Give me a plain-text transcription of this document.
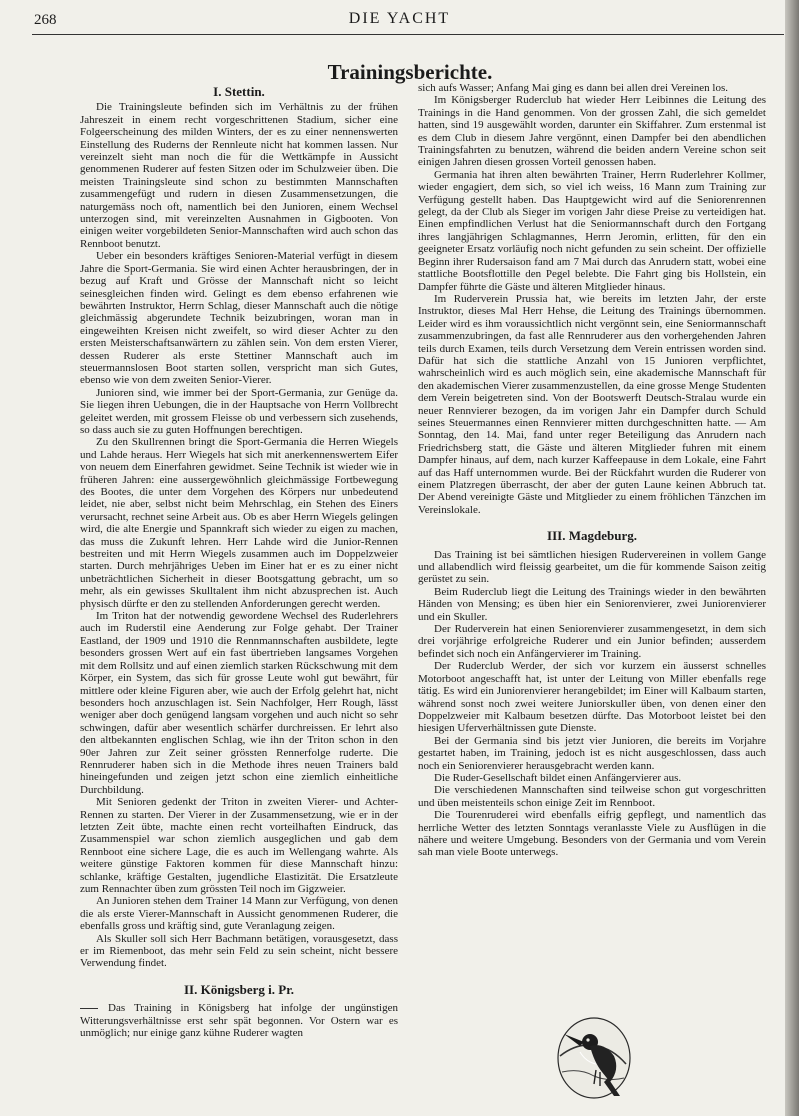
268	DIE YACHT
Trainingsberichte.
I. Stettin.

Die Trainingsleute befinden sich im Verhältnis zu der frühen Jahreszeit in einem recht vorgeschrittenen Stadium, sicher eine Folgeerscheinung des milden Winters, der es zu einer nennenswerten Einstellung des Ruderns der Rennleute nicht hat kommen lassen. Nur vereinzelt sieht man noch die für die Wettkämpfe in Aussicht genommenen Ruderer auf festen Sitzen oder im Schulzweier üben. Die meisten Trainingsleute sind schon zu bestimmten Mannschaften zusammengefügt und rudern in diesen Zusammensetzungen, die naturgemäss noch oft, namentlich bei den Junioren, einem Wechsel unterzogen sind, mit vereinzelten Ausnahmen in Gigbooten. Von einigen weiter vorgebildeten Senior-Mannschaften wird auch schon das Rennboot benutzt.

Ueber ein besonders kräftiges Senioren-Material verfügt in diesem Jahre die Sport-Germania. Sie wird einen Achter herausbringen, der in bezug auf Kraft und Grösse der Mannschaft nicht so leicht seinesgleichen finden wird. Gelingt es dem ebenso erfahrenen wie bewährten Instruktor, Herrn Schlag, dieser Mannschaft auch die nötige gleichmässig abgerundete Technik beizubringen, woran man in eingeweihten Kreisen nicht zweifelt, so wird dieser Achter zu den ersten Meisterschaftsanwärtern zu zählen sein. Von dem ersten Vierer, dessen Ruderer als erste Stettiner Mannschaft auch im steuermannslosen Boot starten sollen, verspricht man sich Gutes, ebenso wie von dem zweiten Senior-Vierer.

Junioren sind, wie immer bei der Sport-Germania, zur Genüge da. Sie liegen ihren Uebungen, die in der Hauptsache von Herrn Vollbrecht geleitet werden, mit grossem Fleisse ob und verbessern sich zusehends, so dass auch sie zu guten Hoffnungen berechtigen.

Zu den Skullrennen bringt die Sport-Germania die Herren Wiegels und Lahde heraus. Herr Wiegels hat sich mit anerkennenswertem Eifer von neuem dem Einerfahren gewidmet. Seine Technik ist wieder wie in früheren Jahren: eine aussergewöhnlich gleichmässige Fortbewegung des Bootes, die unter dem Vorgehen des Körpers nur unbedeutend leidet, nie aber, selbst nicht beim Mehrschlag, ein Stehen des Einers verursacht, rechnet seine Arbeit aus. Ob es aber Herrn Wiegels gelingen wird, die alte Energie und Spannkraft sich wieder zu eigen zu machen, das muss die Zukunft lehren. Herr Lahde wird die Junior-Rennen bestreiten und mit Herrn Wiegels zusammen auch im Doppelzweier starten. Durch mehrjähriges Ueben im Einer hat er es zu einer nicht unbeträchtlichen Sicherheit in dieser Bootsgattung gebracht, um so mehr, als ein gewisses Skulltalent ihm nicht abzusprechen ist. Auch physisch dürfte er den zu stellenden Anforderungen gerecht werden.

Im Triton hat der notwendig gewordene Wechsel des Ruderlehrers auch im Ruderstil eine Aenderung zur Folge gehabt. Der Trainer Eastland, der 1909 und 1910 die Rennmannschaften ausbildete, legte besonders grossen Wert auf ein fast übertrieben langsames Vorgehen mit dem Rollsitz und auf einen ziemlich starken Rückschwung mit dem Körper, ein System, das sich für grosse Leute wohl gut bewährt, für mittlere oder kleine Figuren aber, wie auch der Erfolg gelehrt hat, nicht besonders hoch anzuschlagen ist. Sein Nachfolger, Herr Rough, lässt weniger aber doch genügend langsam vorgehen und auch nicht so sehr schwingen, dafür aber wesentlich schärfer durchreissen. Er lehrt also den altbekannten englischen Schlag, wie ihn der Triton schon in den 90er Jahren zur Zeit seiner grössten Rennerfolge ruderte. Die Rennruderer haben sich in die Methode ihres neuen Trainers bald hineingefunden und zeigen jetzt schon eine ziemlich einheitliche Durchbildung.

Mit Senioren gedenkt der Triton in zweiten Vierer- und Achter-Rennen zu starten. Der Vierer in der Zusammensetzung, wie er in der letzten Zeit übte, machte einen recht vorteilhaften Eindruck, das Zusammenspiel war schon ziemlich ausgeglichen und gab dem Rennboot eine sichere Lage, die es auch im Wellengang wahrte. Als weitere günstige Faktoren kommen für diese Mannschaft hinzu: schlanke, kräftige Gestalten, jugendliche Elastizität. Die Ersatzleute zum Rennachter üben zum grössten Teil noch im Gigzweier.

An Junioren stehen dem Trainer 14 Mann zur Verfügung, von denen die als erste Vierer-Mannschaft in Aussicht genommenen Ruderer, die ebenfalls gross und kräftig sind, gute Veranlagung zeigen.

Als Skuller soll sich Herr Bachmann betätigen, vorausgesetzt, dass er im Riemenboot, das mehr sein Feld zu sein scheint, nicht bessere Verwendung findet.

II. Königsberg i. Pr.

Das Training in Königsberg hat infolge der ungünstigen Witterungsverhältnisse erst sehr spät begonnen. Vor Ostern war es unmöglich; nur einige ganz kühne Ruderer wagten

sich aufs Wasser; Anfang Mai ging es dann bei allen drei Vereinen los.

Im Königsberger Ruderclub hat wieder Herr Leibinnes die Leitung des Trainings in die Hand genommen. Von der grossen Zahl, die sich gemeldet hatten, sind 19 ausgewählt worden, darunter ein Skiffahrer. Zum erstenmal ist es dem Club in diesem Jahre vergönnt, einen Dampfer bei den abendlichen Trainingsfahrten zu benutzen, während die beiden andern Vereine schon seit einigen Jahren diesen grossen Vorteil genossen haben.

Germania hat ihren alten bewährten Trainer, Herrn Ruderlehrer Kollmer, wieder engagiert, dem sich, so viel ich weiss, 16 Mann zum Training zur Verfügung gestellt haben. Das Hauptgewicht wird auf die Seniorenrennen gelegt, da der Club als Sieger im vorigen Jahr diese Preise zu verteidigen hat. Einen empfindlichen Verlust hat die Seniormannschaft durch den Fortgang ihres langjährigen Schlagmannes, Herrn Jeromin, erlitten, für den ein geeigneter Ersatz vorläufig noch nicht gefunden zu sein scheint. Der offizielle Beginn ihrer Rudersaison fand am 7 Mai durch das Anrudern statt, wobei eine stattliche Bootsflottille den Pegel belebte. Die Fahrt ging bis Hollstein, ein Dampfer führte die Gäste und älteren Mitglieder hinaus.

Im Ruderverein Prussia hat, wie bereits im letzten Jahr, der erste Instruktor, dieses Mal Herr Hehse, die Leitung des Trainings übernommen. Leider wird es ihm voraussichtlich nicht vergönnt sein, eine Seniormannschaft zusammenzubringen, da fast alle Rennruderer aus den vorhergehenden Jahren teils durch Examen, teils durch Versetzung dem Verein entrissen worden sind. Dafür hat sich die stattliche Anzahl von 15 Junioren verpflichtet, wahrscheinlich wird es auch möglich sein, eine akademische Mannschaft für den akademischen Vierer zusammenzustellen, da eine grosse Menge Studenten dem Verein beigetreten sind. Von der Bootswerft Deutsch-Stralau wurde ein neuer Rennvierer bezogen, da im vorigen Jahr ein Dampfer durch Schuld seines Steuermannes einen Rennvierer mitten durchgeschnitten hatte. — Am Sonntag, den 14. Mai, fand unter reger Beteiligung das Anrudern nach Friedrichsberg statt, die Gäste und älteren Mitglieder fuhren mit einem Dampfer hinaus, auf dem, nach kurzer Kaffeepause in dem Lokale, eine Fahrt auf das Haff unternommen wurde. Bei der Rückfahrt wurden die Ruderer von einem Platzregen überrascht, der aber der guten Laune keinen Abbruch tat. Der Abend vereinigte Gäste und Mitglieder zu einem fröhlichen Tänzchen im Vereinslokale.

III. Magdeburg.

Das Training ist bei sämtlichen hiesigen Rudervereinen in vollem Gange und allabendlich wird fleissig gearbeitet, um die für kommende Saison zeitig gerüstet zu sein.

Beim Ruderclub liegt die Leitung des Trainings wieder in den bewährten Händen von Mensing; es üben hier ein Seniorenvierer, zwei Juniorenvierer und ein Skuller.

Der Ruderverein hat einen Seniorenvierer zusammengesetzt, in dem sich drei vorjährige erfolgreiche Ruderer und ein Junior befinden; ausserdem befindet sich noch ein Anfängervierer im Training.

Der Ruderclub Werder, der sich vor kurzem ein äusserst schnelles Motorboot angeschafft hat, ist unter der Leitung von Miller ebenfalls rege tätig. Es wird ein Juniorenvierer herangebildet; im Einer will Kalbaum starten, während sonst noch zwei weitere Juniorskuller üben, von denen einer den Doppelzweier mit Kalbaum besetzen dürfte. Das Motorboot leistet bei den hiesigen Uferverhältnissen gute Dienste.

Bei der Germania sind bis jetzt vier Junioren, die bereits im Vorjahre gestartet haben, im Training, jedoch ist es nicht ausgeschlossen, dass auch noch ein Seniorenvierer herausgebracht werden kann.

Die Ruder-Gesellschaft bildet einen Anfängervierer aus.

Die verschiedenen Mannschaften sind teilweise schon gut vorgeschritten und üben meistenteils schon einige Zeit im Rennboot.

Die Tourenruderei wird ebenfalls eifrig gepflegt, und namentlich das herrliche Wetter des letzten Sonntags veranlasste Viele zu Ausflügen in die nähere und weitere Umgebung. Besonders von der Germania und vom Verein sah man viele Boote unterwegs.
